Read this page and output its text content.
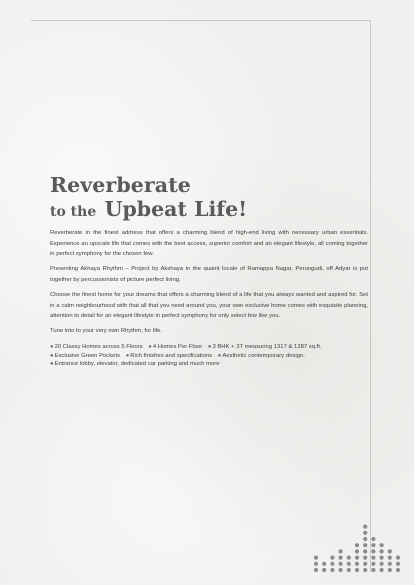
Reverberate
to the Upbeat Life!

Reverberate in the finest address that offers a charming blend of high-end living with necessary urban essentials. Experience an upscale life that comes with the best access, superior comfort and an elegant lifestyle, all coming together in perfect symphony for the chosen few.

Presenting Akhaya Rhythm – Project by Akshaya in the quaint locale of Ramappa Nagar, Perungudi, off Adyar is put together by percussionists of picture perfect living.

Choose the finest home for your dreams that offers a charming blend of a life that you always wanted and aspired for. Set in a calm neighbourhood with that all that you need around you, your own exclusive home comes with exquisite planning, attention to detail for an elegant lifestyle in perfect symphony for only select few like you.

Tune into to your very own Rhythm, for life.

●20 Classy Homes across 5 Floors ●4 Homes Per Floor ●3 BHK + 3T measuring 1317 & 1287 sq.ft.
●Exclusive Green Pockets ●Rich finishes and specifications ●Aesthetic contemporary design.
●Entrance lobby, elevator, dedicated car parking and much more
